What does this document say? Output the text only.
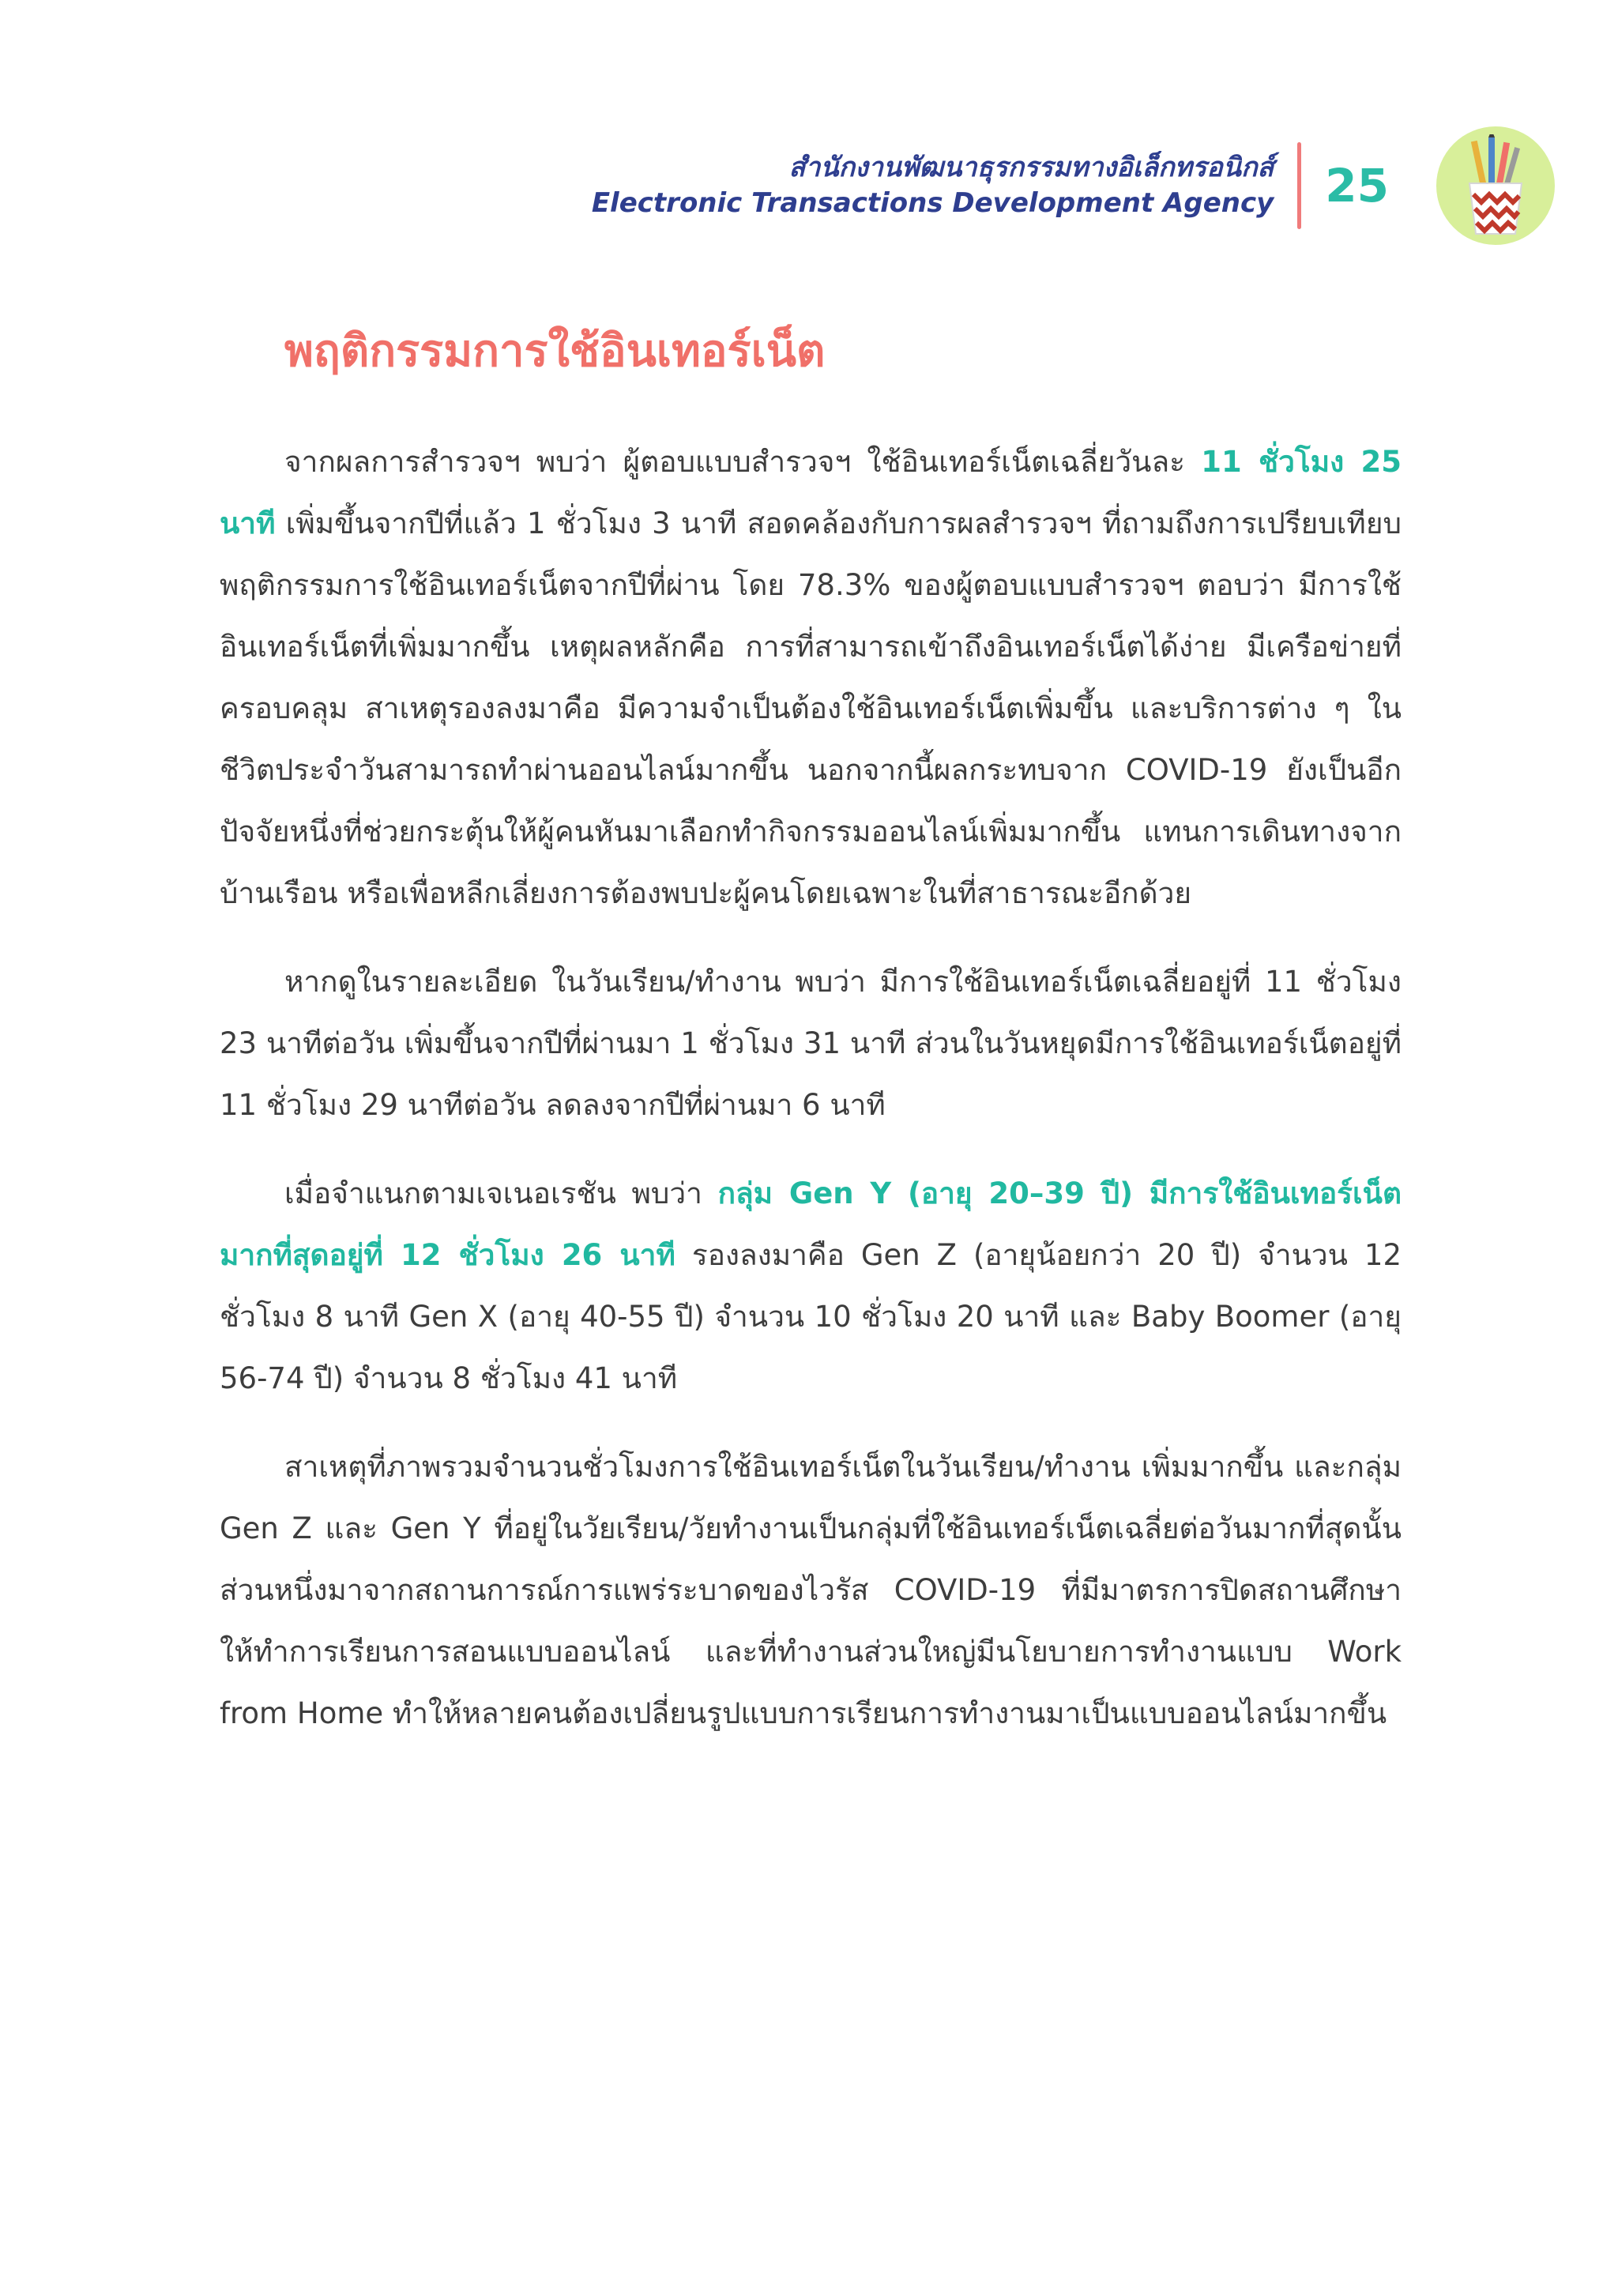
สำนักงานพัฒนาธุรกรรมทางอิเล็กทรอนิกส์
Electronic Transactions Development Agency 25
พฤติกรรมการใช้อินเทอร์เน็ต

จากผลการสำรวจฯ พบว่า ผู้ตอบแบบสำรวจฯ ใช้อินเทอร์เน็ตเฉลี่ยวันละ 11 ชั่วโมง 25 นาที เพิ่มขึ้นจากปีที่แล้ว 1 ชั่วโมง 3 นาที สอดคล้องกับการผลสำรวจฯ ที่ถามถึงการเปรียบเทียบพฤติกรรมการใช้อินเทอร์เน็ตจากปีที่ผ่าน โดย 78.3% ของผู้ตอบแบบสำรวจฯ ตอบว่า มีการใช้อินเทอร์เน็ตที่เพิ่มมากขึ้น เหตุผลหลักคือ การที่สามารถเข้าถึงอินเทอร์เน็ตได้ง่าย มีเครือข่ายที่ครอบคลุม สาเหตุรองลงมาคือ มีความจำเป็นต้องใช้อินเทอร์เน็ตเพิ่มขึ้น และบริการต่าง ๆ ในชีวิตประจำวันสามารถทำผ่านออนไลน์มากขึ้น นอกจากนี้ผลกระทบจาก COVID-19 ยังเป็นอีกปัจจัยหนึ่งที่ช่วยกระตุ้นให้ผู้คนหันมาเลือกทำกิจกรรมออนไลน์เพิ่มมากขึ้น แทนการเดินทางจากบ้านเรือน หรือเพื่อหลีกเลี่ยงการต้องพบปะผู้คนโดยเฉพาะในที่สาธารณะอีกด้วย

หากดูในรายละเอียด ในวันเรียน/ทำงาน พบว่า มีการใช้อินเทอร์เน็ตเฉลี่ยอยู่ที่ 11 ชั่วโมง 23 นาทีต่อวัน เพิ่มขึ้นจากปีที่ผ่านมา 1 ชั่วโมง 31 นาที ส่วนในวันหยุดมีการใช้อินเทอร์เน็ตอยู่ที่ 11 ชั่วโมง 29 นาทีต่อวัน ลดลงจากปีที่ผ่านมา 6 นาที

เมื่อจำแนกตามเจเนอเรชัน พบว่า กลุ่ม Gen Y (อายุ 20–39 ปี) มีการใช้อินเทอร์เน็ตมากที่สุดอยู่ที่ 12 ชั่วโมง 26 นาที รองลงมาคือ Gen Z (อายุน้อยกว่า 20 ปี) จำนวน 12 ชั่วโมง 8 นาที Gen X (อายุ 40-55 ปี) จำนวน 10 ชั่วโมง 20 นาที และ Baby Boomer (อายุ 56-74 ปี) จำนวน 8 ชั่วโมง 41 นาที

สาเหตุที่ภาพรวมจำนวนชั่วโมงการใช้อินเทอร์เน็ตในวันเรียน/ทำงาน เพิ่มมากขึ้น และกลุ่ม Gen Z และ Gen Y ที่อยู่ในวัยเรียน/วัยทำงานเป็นกลุ่มที่ใช้อินเทอร์เน็ตเฉลี่ยต่อวันมากที่สุดนั้น ส่วนหนึ่งมาจากสถานการณ์การแพร่ระบาดของไวรัส COVID-19 ที่มีมาตรการปิดสถานศึกษาให้ทำการเรียนการสอนแบบออนไลน์ และที่ทำงานส่วนใหญ่มีนโยบายการทำงานแบบ Work from Home ทำให้หลายคนต้องเปลี่ยนรูปแบบการเรียนการทำงานมาเป็นแบบออนไลน์มากขึ้น
